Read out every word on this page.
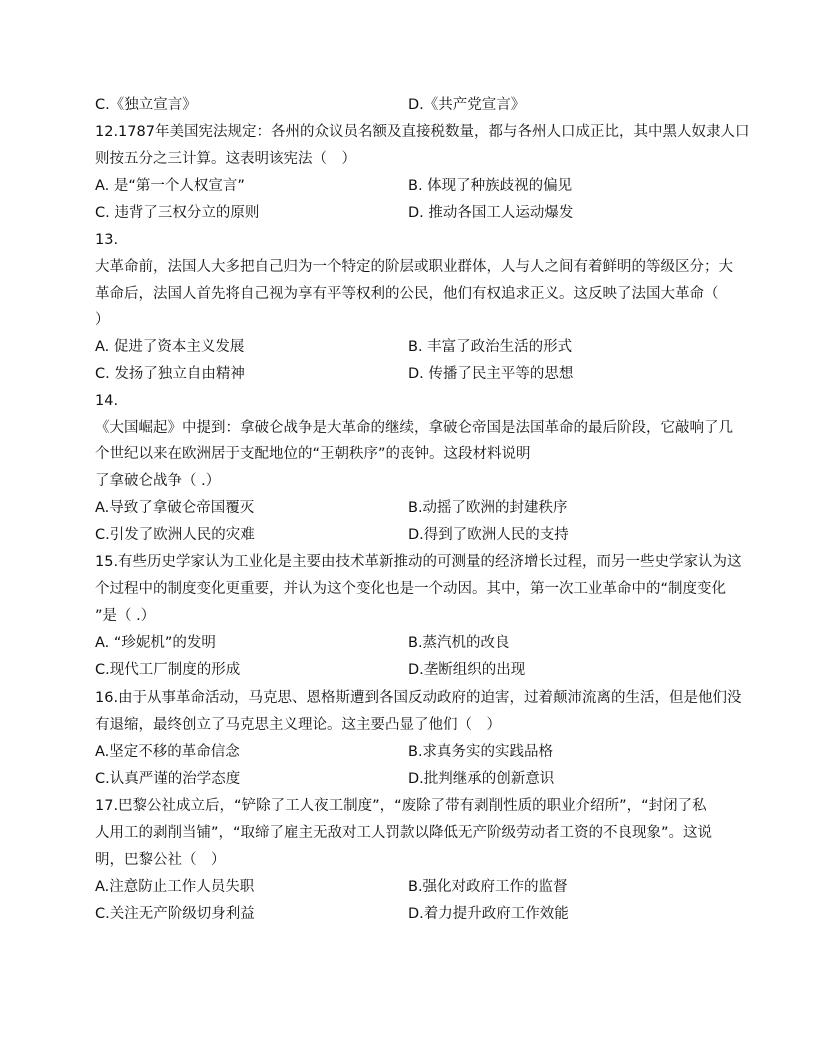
C.《独立宣言》	D.《共产党宣言》
12.1787年美国宪法规定：各州的众议员名额及直接税数量，都与各州人口成正比，其中黑人奴隶人口
则按五分之三计算。这表明该宪法（　）
A. 是“第一个人权宣言”	B. 体现了种族歧视的偏见
C. 违背了三权分立的原则	D. 推动各国工人运动爆发
13.
大革命前，法国人大多把自己归为一个特定的阶层或职业群体，人与人之间有着鲜明的等级区分；大
革命后，法国人首先将自己视为享有平等权利的公民，他们有权追求正义。这反映了法国大革命（
）
A. 促进了资本主义发展	B. 丰富了政治生活的形式
C. 发扬了独立自由精神	D. 传播了民主平等的思想
14.
《大国崛起》中提到：拿破仑战争是大革命的继续，拿破仑帝国是法国革命的最后阶段，它敲响了几
个世纪以来在欧洲居于支配地位的“王朝秩序”的丧钟。这段材料说明
了拿破仑战争（ .）
A.导致了拿破仑帝国覆灭	B.动摇了欧洲的封建秩序
C.引发了欧洲人民的灾难	D.得到了欧洲人民的支持
15.有些历史学家认为工业化是主要由技术革新推动的可测量的经济增长过程，而另一些史学家认为这
个过程中的制度变化更重要，并认为这个变化也是一个动因。其中，第一次工业革命中的“制度变化
”是（ .）
A. “珍妮机”的发明	B.蒸汽机的改良
C.现代工厂制度的形成	D.垄断组织的出现
16.由于从事革命活动，马克思、恩格斯遭到各国反动政府的迫害，过着颠沛流离的生活，但是他们没
有退缩，最终创立了马克思主义理论。这主要凸显了他们（　）
A.坚定不移的革命信念	B.求真务实的实践品格
C.认真严谨的治学态度	D.批判继承的创新意识
17.巴黎公社成立后，“铲除了工人夜工制度”，“废除了带有剥削性质的职业介绍所”，“封闭了私
人用工的剥削当铺”，“取缔了雇主无敌对工人罚款以降低无产阶级劳动者工资的不良现象”。这说
明，巴黎公社（　）
A.注意防止工作人员失职	B.强化对政府工作的监督
C.关注无产阶级切身利益	D.着力提升政府工作效能
